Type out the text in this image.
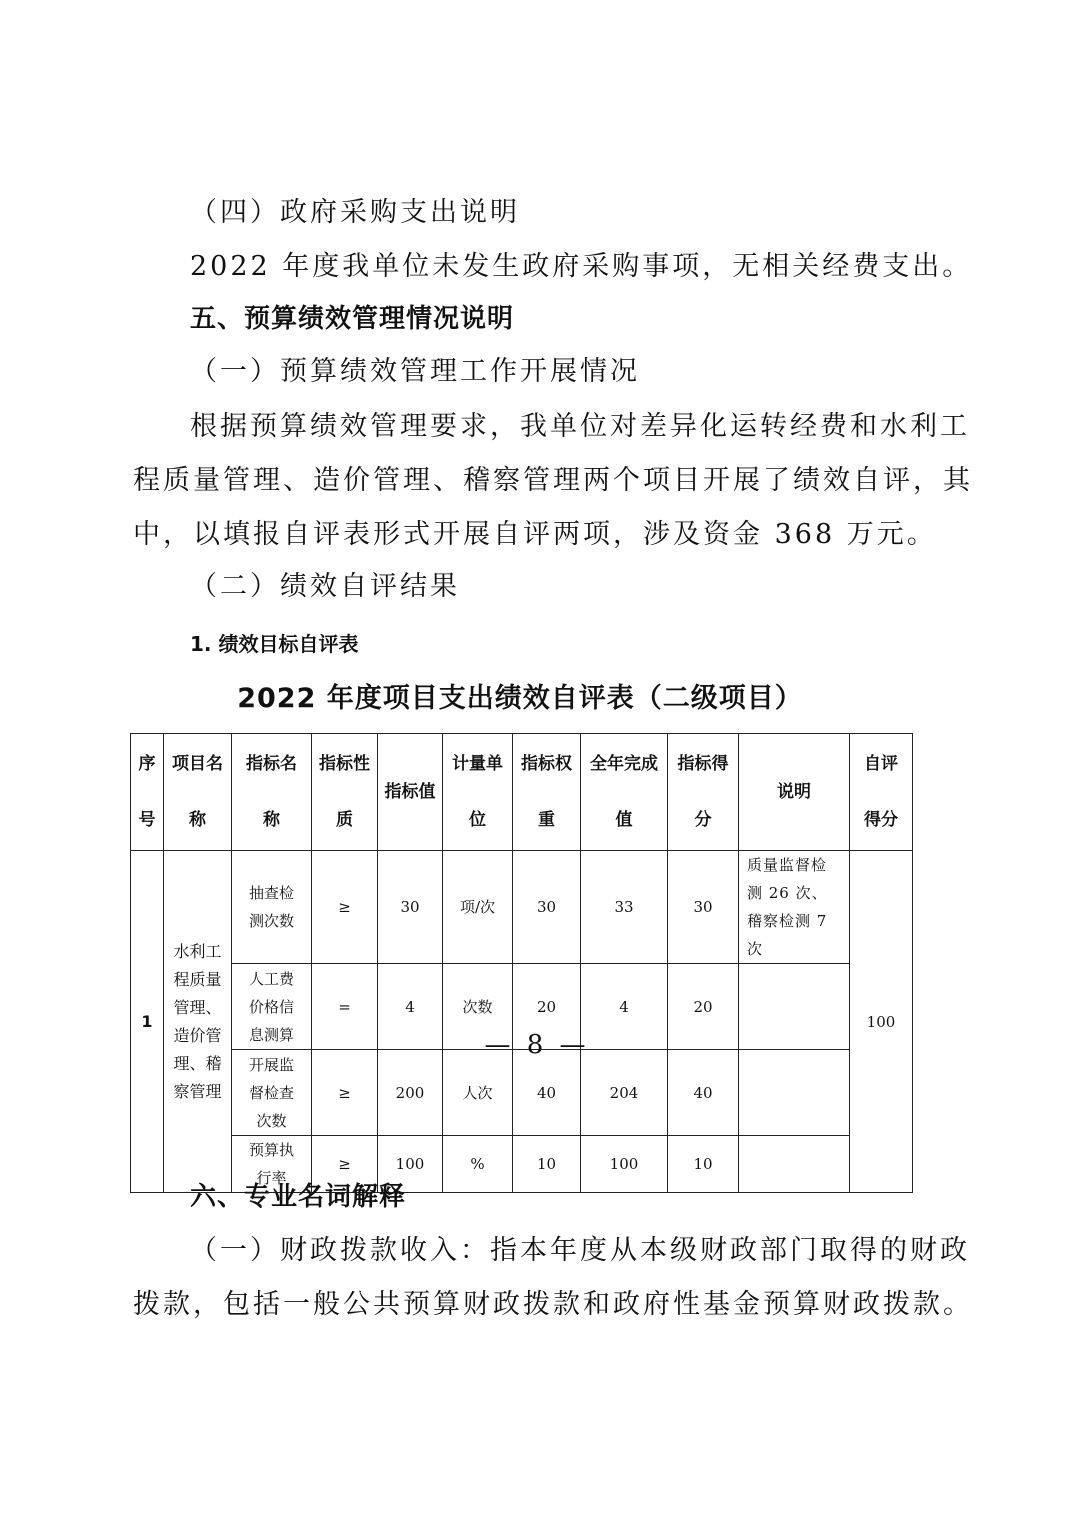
（四）政府采购支出说明

2022 年度我单位未发生政府采购事项，无相关经费支出。

五、预算绩效管理情况说明

（一）预算绩效管理工作开展情况

根据预算绩效管理要求，我单位对差异化运转经费和水利工

程质量管理、造价管理、稽察管理两个项目开展了绩效自评，其

中，以填报自评表形式开展自评两项，涉及资金 368 万元。

（二）绩效自评结果

1. 绩效目标自评表

2022 年度项目支出绩效自评表（二级项目）
序号	项目名称	指标名称	指标性质	指标值	计量单位	指标权重	全年完成值	指标得分	说明	自评得分
1	水利工程质量管理、造价管理、稽察管理	抽查检测次数	≥	30	项/次	30	33	30	质量监督检测 26 次、稽察检测 7 次	100
		人工费价格信息测算	=	4	次数	20	4	20		
		开展监督检查次数	≥	200	人次	40	204	40		
		预算执行率	≥	100	%	10	100	10		

六、专业名词解释

（一）财政拨款收入：指本年度从本级财政部门取得的财政

拨款，包括一般公共预算财政拨款和政府性基金预算财政拨款。

— 8 —
